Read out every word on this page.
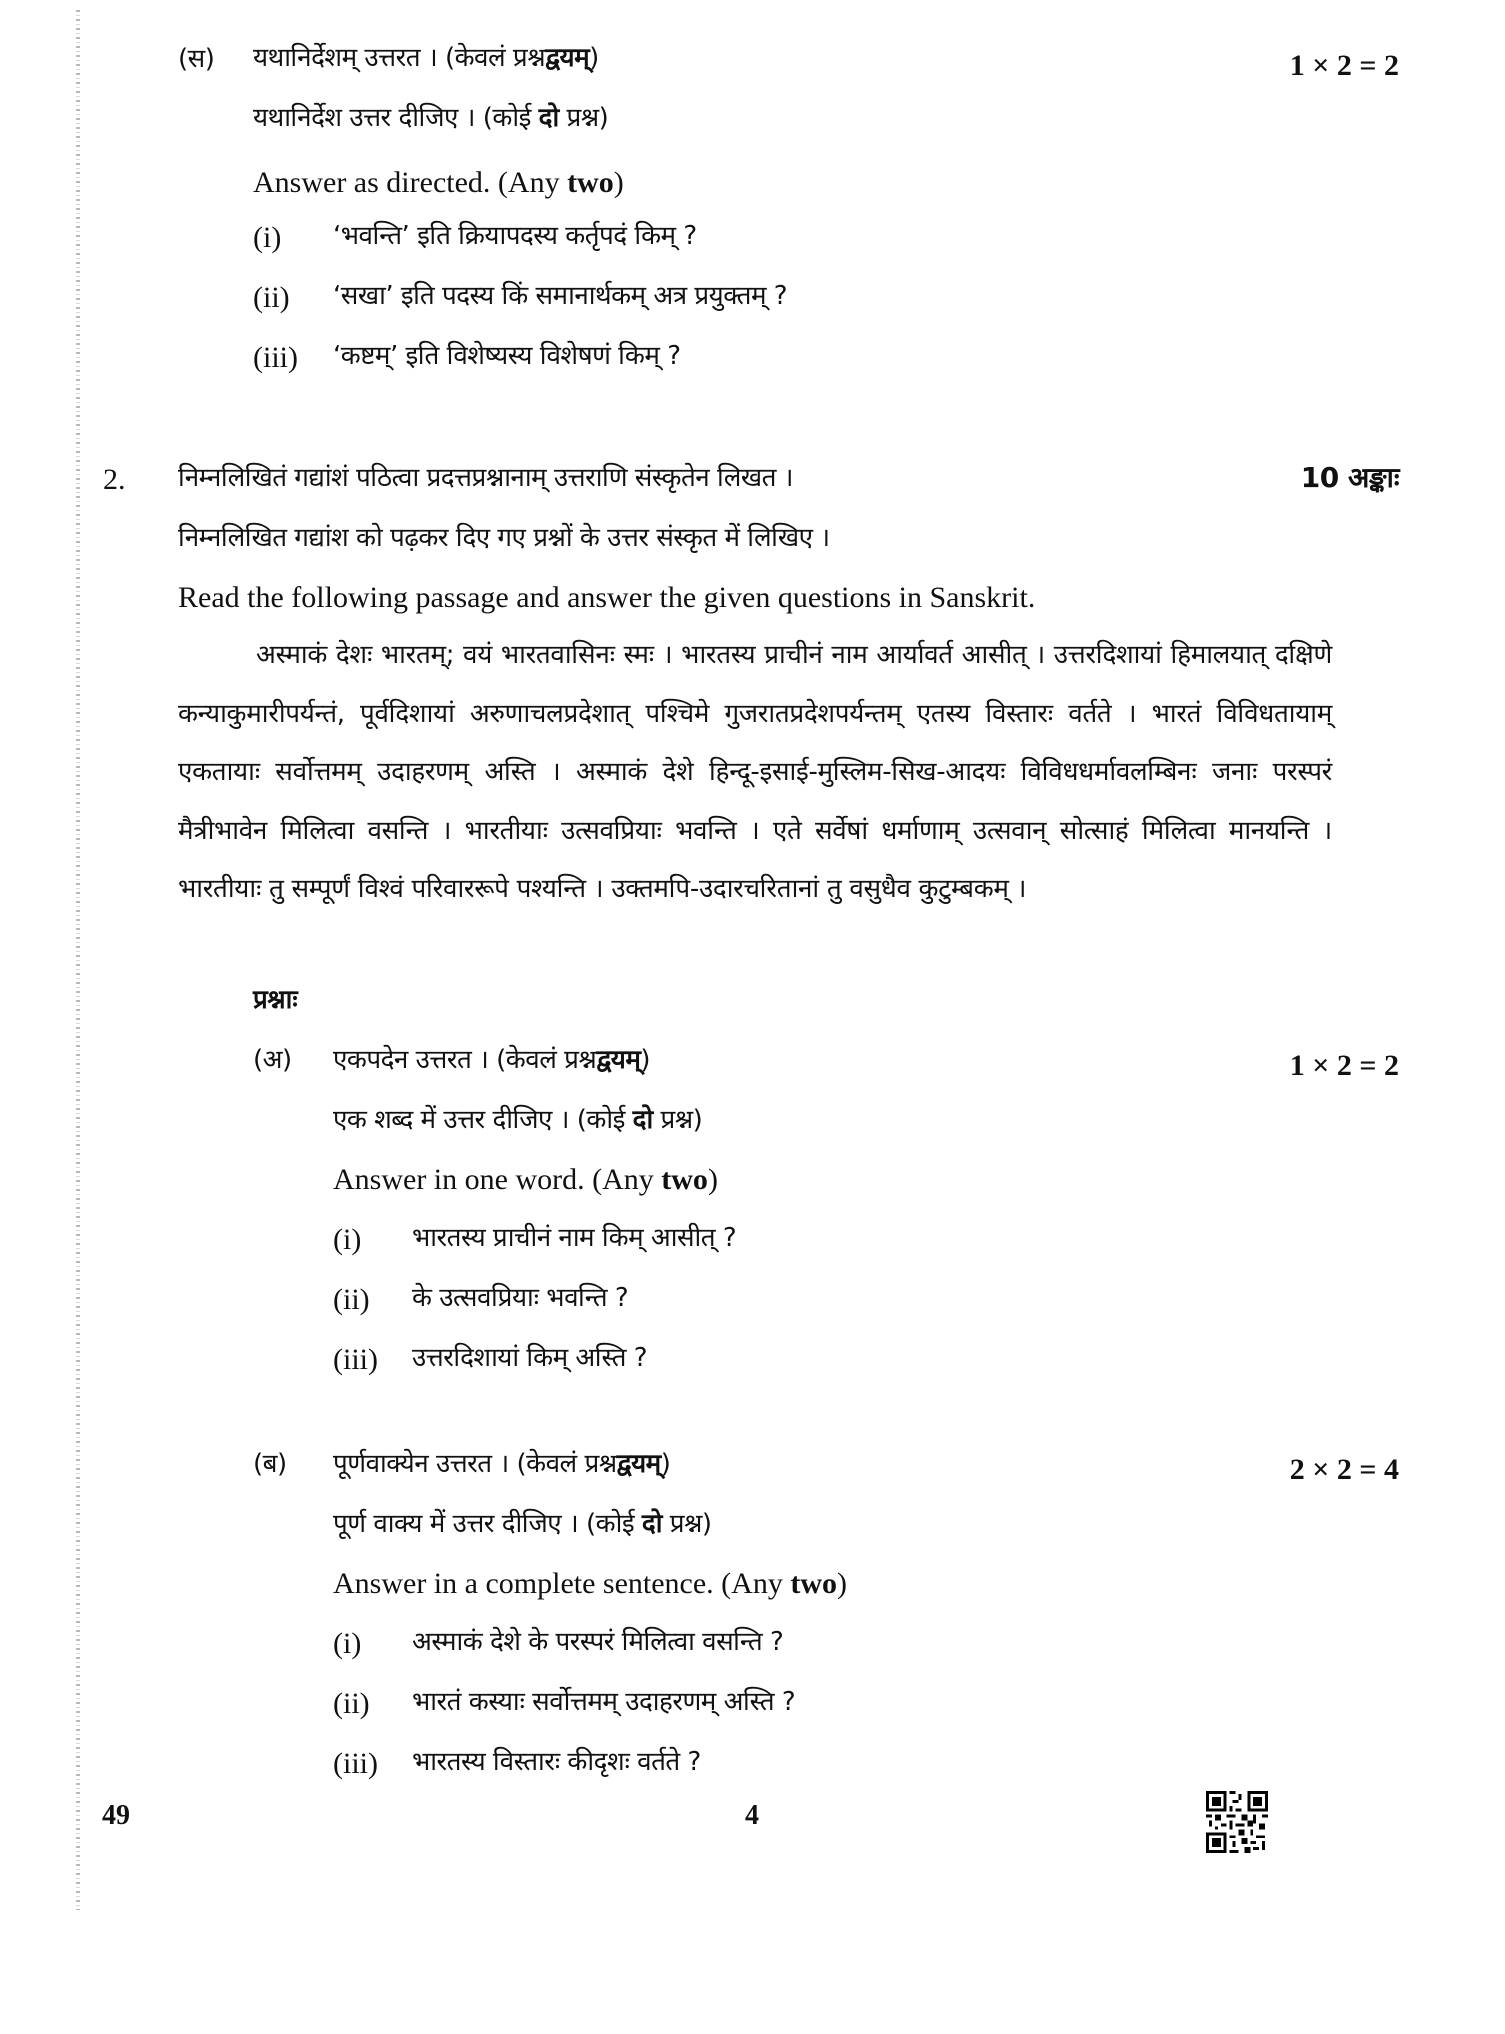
(स) यथानिर्देशम् उत्तरत । (केवलं प्रश्नद्वयम्)	1 × 2 = 2
यथानिर्देश उत्तर दीजिए । (कोई दो प्रश्न)
Answer as directed. (Any two)
(i) ‘भवन्ति’ इति क्रियापदस्य कर्तृपदं किम् ?
(ii) ‘सखा’ इति पदस्य किं समानार्थकम् अत्र प्रयुक्तम् ?
(iii) ‘कष्टम्’ इति विशेष्यस्य विशेषणं किम् ?
2. निम्नलिखितं गद्यांशं पठित्वा प्रदत्तप्रश्नानाम् उत्तराणि संस्कृतेन लिखत ।	10 अङ्काः
निम्नलिखित गद्यांश को पढ़कर दिए गए प्रश्नों के उत्तर संस्कृत में लिखिए ।
Read the following passage and answer the given questions in Sanskrit.
अस्माकं देशः भारतम्; वयं भारतवासिनः स्मः । भारतस्य प्राचीनं नाम आर्यावर्त आसीत् । उत्तरदिशायां हिमालयात् दक्षिणे कन्याकुमारीपर्यन्तं, पूर्वदिशायां अरुणाचलप्रदेशात् पश्चिमे गुजरातप्रदेशपर्यन्तम् एतस्य विस्तारः वर्तते । भारतं विविधतायाम् एकतायाः सर्वोत्तमम् उदाहरणम् अस्ति । अस्माकं देशे हिन्दू-इसाई-मुस्लिम-सिख-आदयः विविधधर्मावलम्बिनः जनाः परस्परं मैत्रीभावेन मिलित्वा वसन्ति । भारतीयाः उत्सवप्रियाः भवन्ति । एते सर्वेषां धर्माणाम् उत्सवान् सोत्साहं मिलित्वा मानयन्ति । भारतीयाः तु सम्पूर्णं विश्वं परिवाररूपे पश्यन्ति । उक्तमपि-उदारचरितानां तु वसुधैव कुटुम्बकम् ।
प्रश्नाः
(अ) एकपदेन उत्तरत । (केवलं प्रश्नद्वयम्)	1 × 2 = 2
एक शब्द में उत्तर दीजिए । (कोई दो प्रश्न)
Answer in one word. (Any two)
(i) भारतस्य प्राचीनं नाम किम् आसीत् ?
(ii) के उत्सवप्रियाः भवन्ति ?
(iii) उत्तरदिशायां किम् अस्ति ?
(ब) पूर्णवाक्येन उत्तरत । (केवलं प्रश्नद्वयम्)	2 × 2 = 4
पूर्ण वाक्य में उत्तर दीजिए । (कोई दो प्रश्न)
Answer in a complete sentence. (Any two)
(i) अस्माकं देशे के परस्परं मिलित्वा वसन्ति ?
(ii) भारतं कस्याः सर्वोत्तमम् उदाहरणम् अस्ति ?
(iii) भारतस्य विस्तारः कीदृशः वर्तते ?
49	4
